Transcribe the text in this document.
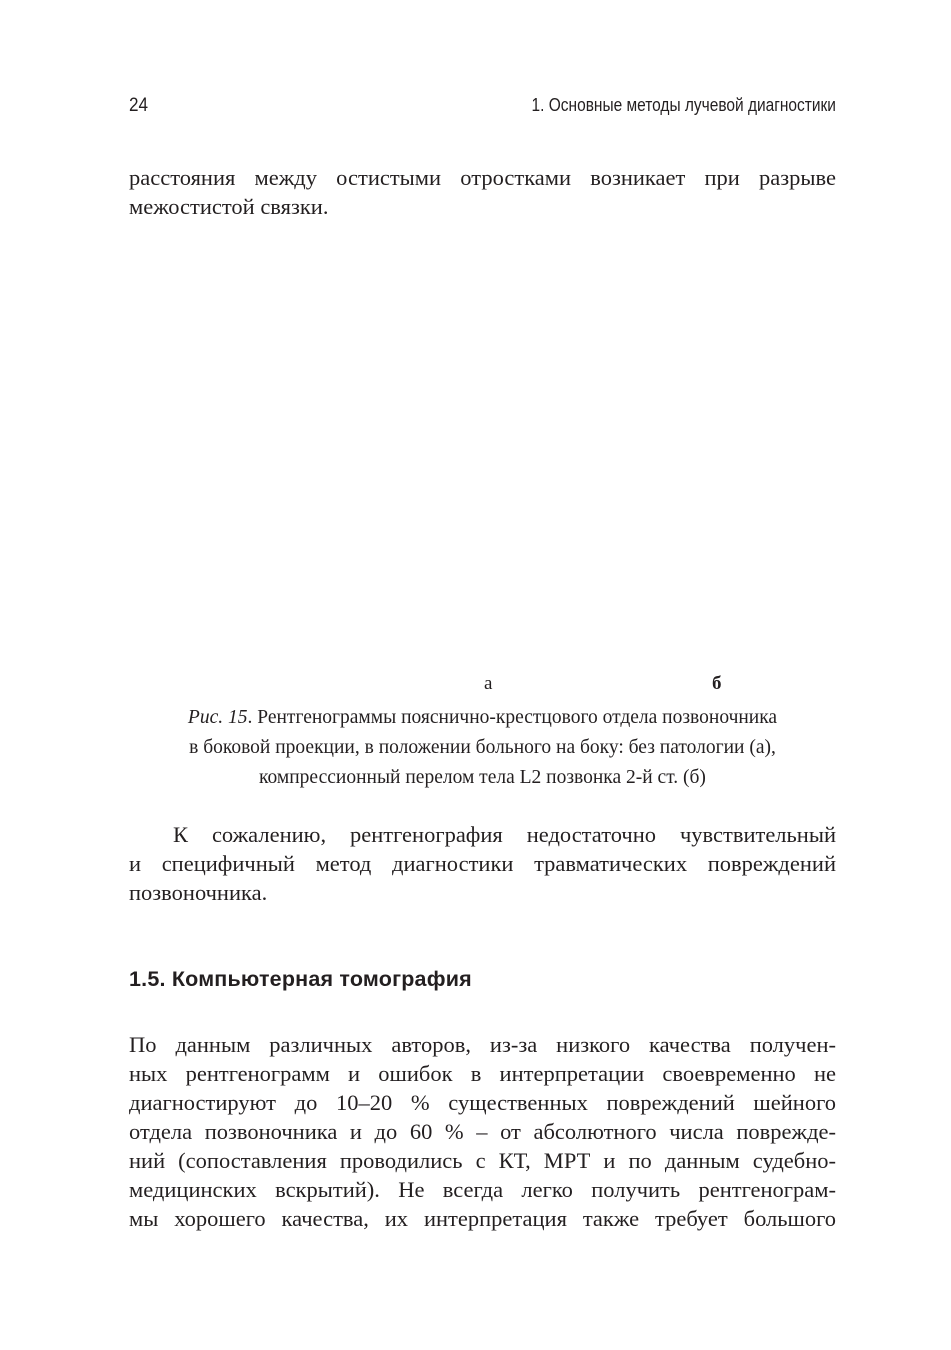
24	1. Основные методы лучевой диагностики

расстояния между остистыми отростками возникает при разрыве
межостистой связки.

а	б

Рис. 15. Рентгенограммы пояснично-крестцового отдела позвоночника
в боковой проекции, в положении больного на боку: без патологии (а),
компрессионный перелом тела L2 позвонка 2-й ст. (б)

К сожалению, рентгенография недостаточно чувствительный
и специфичный метод диагностики травматических повреждений
позвоночника.

1.5. Компьютерная томография

По данным различных авторов, из-за низкого качества получен-
ных рентгенограмм и ошибок в интерпретации своевременно не
диагностируют до 10–20 % существенных повреждений шейного
отдела позвоночника и до 60 % – от абсолютного числа поврежде-
ний (сопоставления проводились с КТ, МРТ и по данным судебно-
медицинских вскрытий). Не всегда легко получить рентгенограм-
мы хорошего качества, их интерпретация также требует большого
